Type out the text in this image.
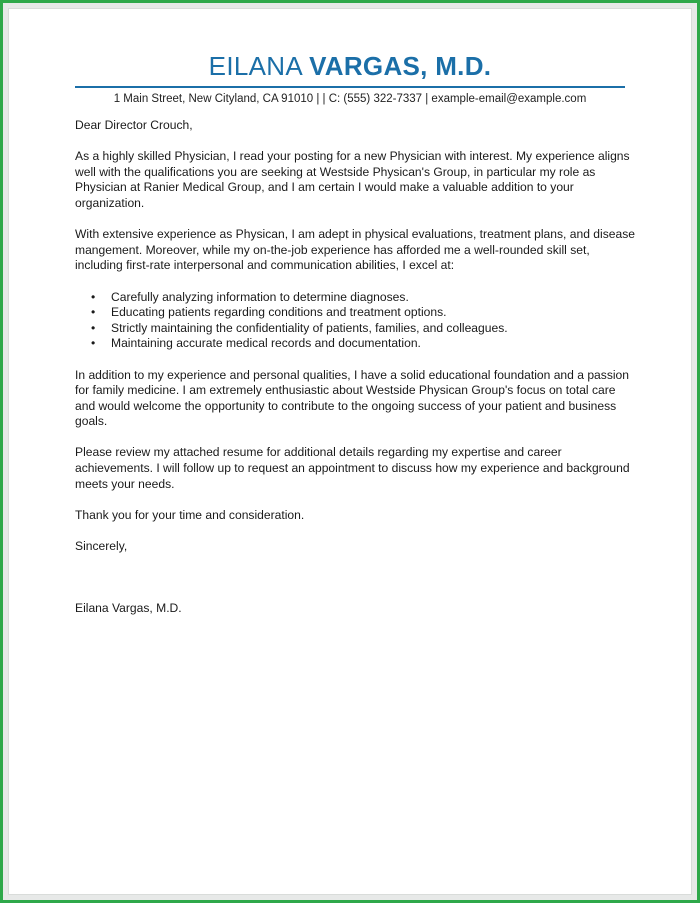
EILANA VARGAS, M.D.
1 Main Street, New Cityland, CA 91010 | | C: (555) 322-7337 | example-email@example.com

Dear Director Crouch,

As a highly skilled Physician, I read your posting for a new Physician with interest. My experience aligns well with the qualifications you are seeking at Westside Physican's Group, in particular my role as Physician at Ranier Medical Group, and I am certain I would make a valuable addition to your organization.

With extensive experience as Physican, I am adept in physical evaluations, treatment plans, and disease mangement. Moreover, while my on-the-job experience has afforded me a well-rounded skill set, including first-rate interpersonal and communication abilities, I excel at:

• Carefully analyzing information to determine diagnoses.
• Educating patients regarding conditions and treatment options.
• Strictly maintaining the confidentiality of patients, families, and colleagues.
• Maintaining accurate medical records and documentation.

In addition to my experience and personal qualities, I have a solid educational foundation and a passion for family medicine. I am extremely enthusiastic about Westside Physican Group's focus on total care and would welcome the opportunity to contribute to the ongoing success of your patient and business goals.

Please review my attached resume for additional details regarding my expertise and career achievements. I will follow up to request an appointment to discuss how my experience and background meets your needs.

Thank you for your time and consideration.

Sincerely,

Eilana Vargas, M.D.
